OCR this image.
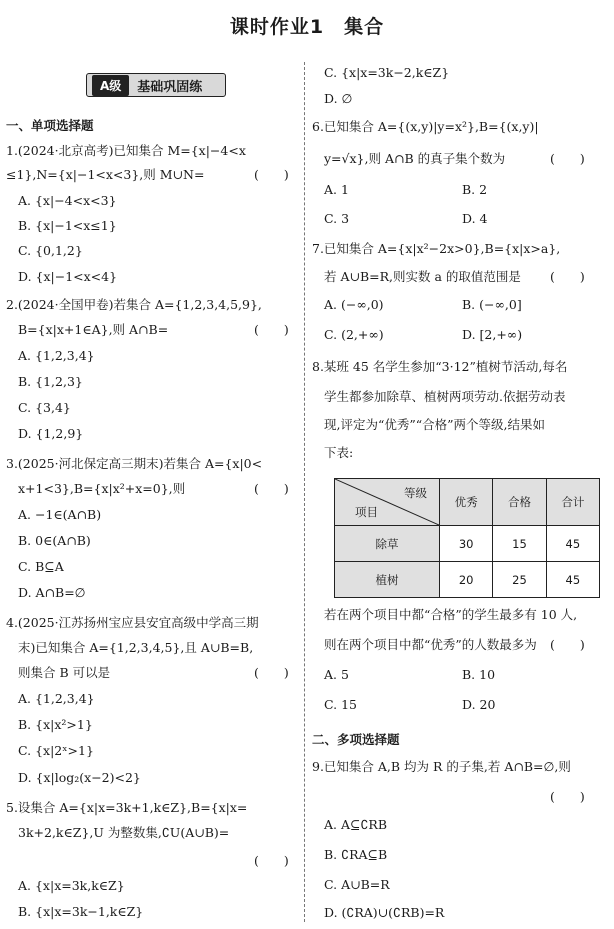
课时作业1　集合
A级	基础巩固练
一、单项选择题
1.(2024·北京高考)已知集合 M={x|−4<x
≤1},N={x|−1<x<3},则 M∪N=	(　　)
A. {x|−4<x<3}
B. {x|−1<x≤1}
C. {0,1,2}
D. {x|−1<x<4}
2.(2024·全国甲卷)若集合 A={1,2,3,4,5,9},
B={x|x+1∈A},则 A∩B=	(　　)
A. {1,2,3,4}
B. {1,2,3}
C. {3,4}
D. {1,2,9}
3.(2025·河北保定高三期末)若集合 A={x|0<
x+1<3},B={x|x²+x=0},则	(　　)
A. −1∈(A∩B)
B. 0∈(A∩B)
C. B⊆A
D. A∩B=∅
4.(2025·江苏扬州宝应县安宜高级中学高三期
末)已知集合 A={1,2,3,4,5},且 A∪B=B,
则集合 B 可以是	(　　)
A. {1,2,3,4}
B. {x|x²>1}
C. {x|2ˣ>1}
D. {x|log₂(x−2)<2}
5.设集合 A={x|x=3k+1,k∈Z},B={x|x=
3k+2,k∈Z},U 为整数集,∁U(A∪B)=
(　　)
A. {x|x=3k,k∈Z}
B. {x|x=3k−1,k∈Z}
C. {x|x=3k−2,k∈Z}
D. ∅
6.已知集合 A={(x,y)|y=x²},B={(x,y)|
y=√x},则 A∩B 的真子集个数为	(　　)
A. 1	B. 2
C. 3	D. 4
7.已知集合 A={x|x²−2x>0},B={x|x>a},
若 A∪B=R,则实数 a 的取值范围是 (　　)
A. (−∞,0)	B. (−∞,0]
C. (2,+∞)	D. [2,+∞)
8.某班 45 名学生参加“3·12”植树节活动,每名
学生都参加除草、植树两项劳动.依据劳动表
现,评定为“优秀”“合格”两个等级,结果如
下表:
等级
项目	优秀	合格	合计
除草	30	15	45
植树	20	25	45
若在两个项目中都“合格”的学生最多有 10 人,
则在两个项目中都“优秀”的人数最多为 (　　)
A. 5	B. 10
C. 15	D. 20
二、多项选择题
9.已知集合 A,B 均为 R 的子集,若 A∩B=∅,则
(　　)
A. A⊆∁RB
B. ∁RA⊆B
C. A∪B=R
D. (∁RA)∪(∁RB)=R
